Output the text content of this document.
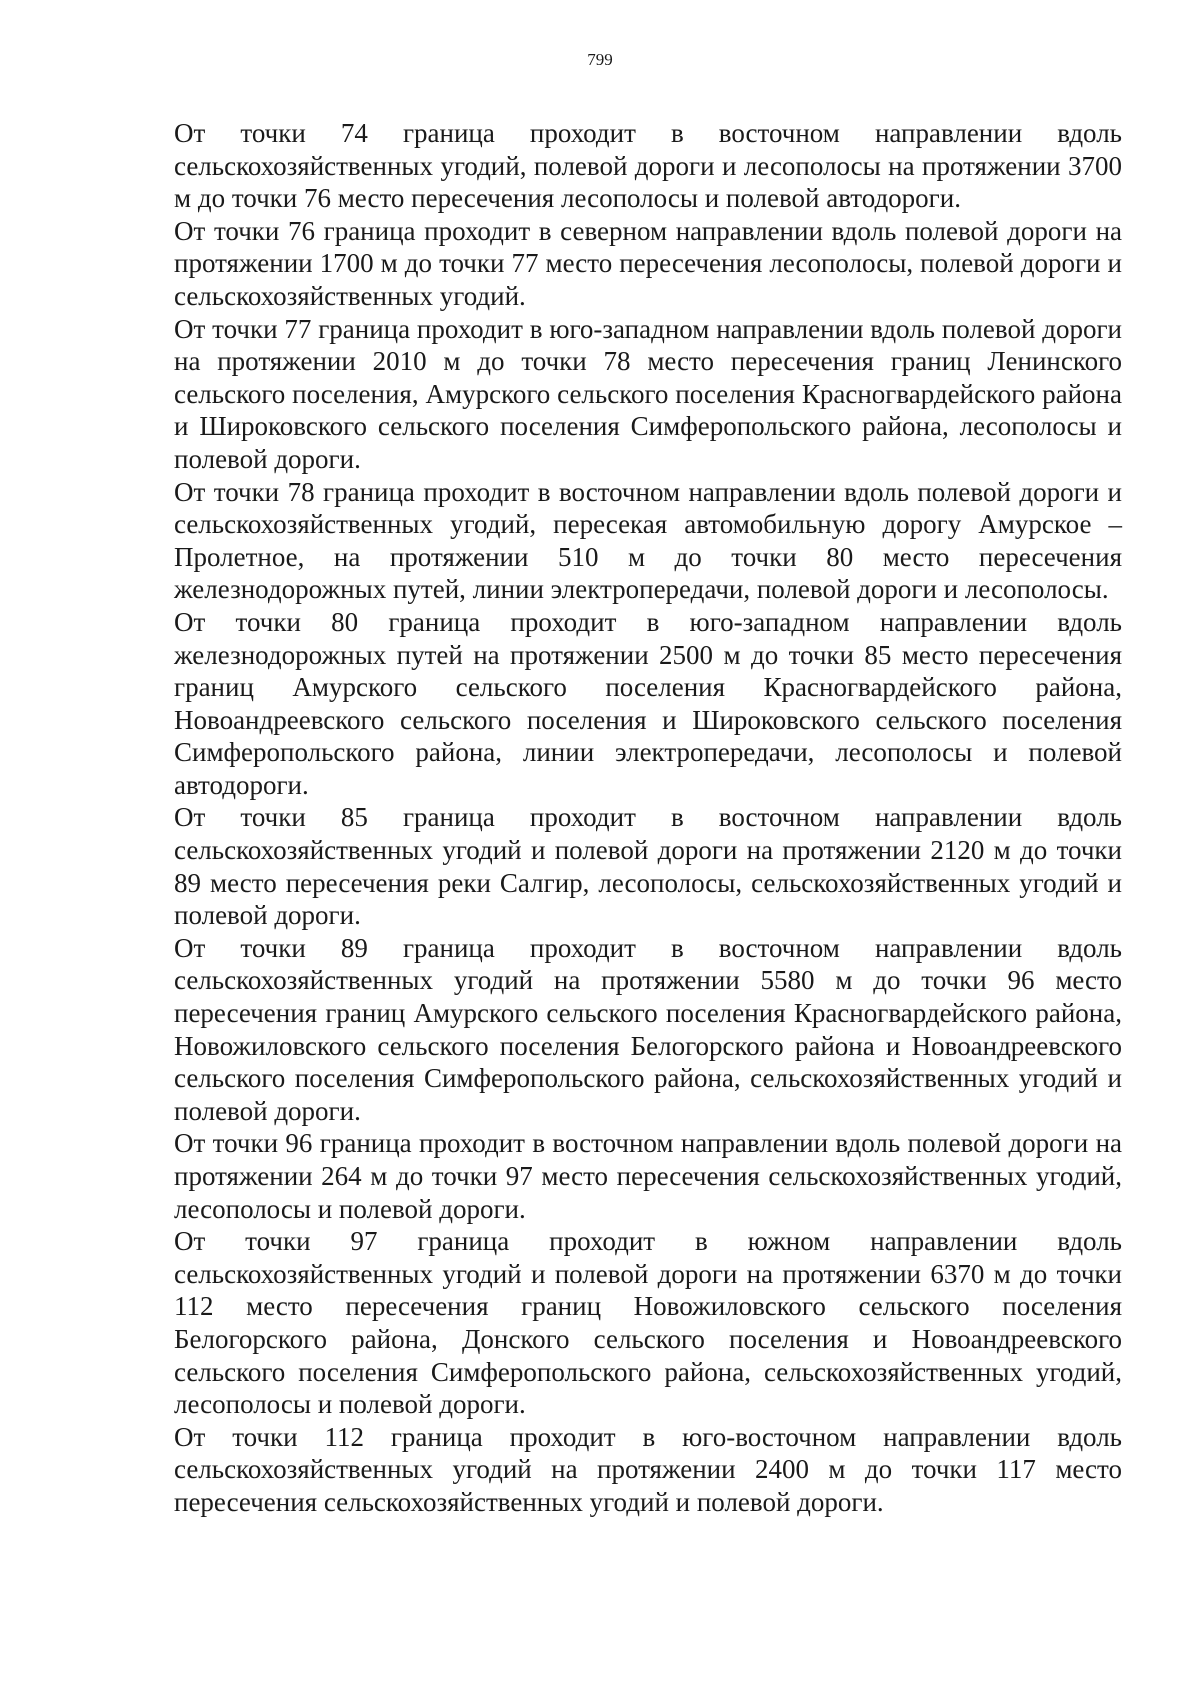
799

От точки 74 граница проходит в восточном направлении вдоль сельскохозяйственных угодий, полевой дороги и лесополосы на протяжении 3700 м до точки 76 место пересечения лесополосы и полевой автодороги.

От точки 76 граница проходит в северном направлении вдоль полевой дороги на протяжении 1700 м до точки 77 место пересечения лесополосы, полевой дороги и сельскохозяйственных угодий.

От точки 77 граница проходит в юго-западном направлении вдоль полевой дороги на протяжении 2010 м до точки 78 место пересечения границ Ленинского сельского поселения, Амурского сельского поселения Красногвардейского района и Широковского сельского поселения Симферопольского района, лесополосы и полевой дороги.

От точки 78 граница проходит в восточном направлении вдоль полевой дороги и сельскохозяйственных угодий, пересекая автомобильную дорогу Амурское – Пролетное, на протяжении 510 м до точки 80 место пересечения железнодорожных путей, линии электропередачи, полевой дороги и лесополосы.

От точки 80 граница проходит в юго-западном направлении вдоль железнодорожных путей на протяжении 2500 м до точки 85 место пересечения границ Амурского сельского поселения Красногвардейского района, Новоандреевского сельского поселения и Широковского сельского поселения Симферопольского района, линии электропередачи, лесополосы и полевой автодороги.

От точки 85 граница проходит в восточном направлении вдоль сельскохозяйственных угодий и полевой дороги на протяжении 2120 м до точки 89 место пересечения реки Салгир, лесополосы, сельскохозяйственных угодий и полевой дороги.

От точки 89 граница проходит в восточном направлении вдоль сельскохозяйственных угодий на протяжении 5580 м до точки 96 место пересечения границ Амурского сельского поселения Красногвардейского района, Новожиловского сельского поселения Белогорского района и Новоандреевского сельского поселения Симферопольского района, сельскохозяйственных угодий и полевой дороги.

От точки 96 граница проходит в восточном направлении вдоль полевой дороги на протяжении 264 м до точки 97 место пересечения сельскохозяйственных угодий, лесополосы и полевой дороги.

От точки 97 граница проходит в южном направлении вдоль сельскохозяйственных угодий и полевой дороги на протяжении 6370 м до точки 112 место пересечения границ Новожиловского сельского поселения Белогорского района, Донского сельского поселения и Новоандреевского сельского поселения Симферопольского района, сельскохозяйственных угодий, лесополосы и полевой дороги.

От точки 112 граница проходит в юго-восточном направлении вдоль сельскохозяйственных угодий на протяжении 2400 м до точки 117 место пересечения сельскохозяйственных угодий и полевой дороги.
